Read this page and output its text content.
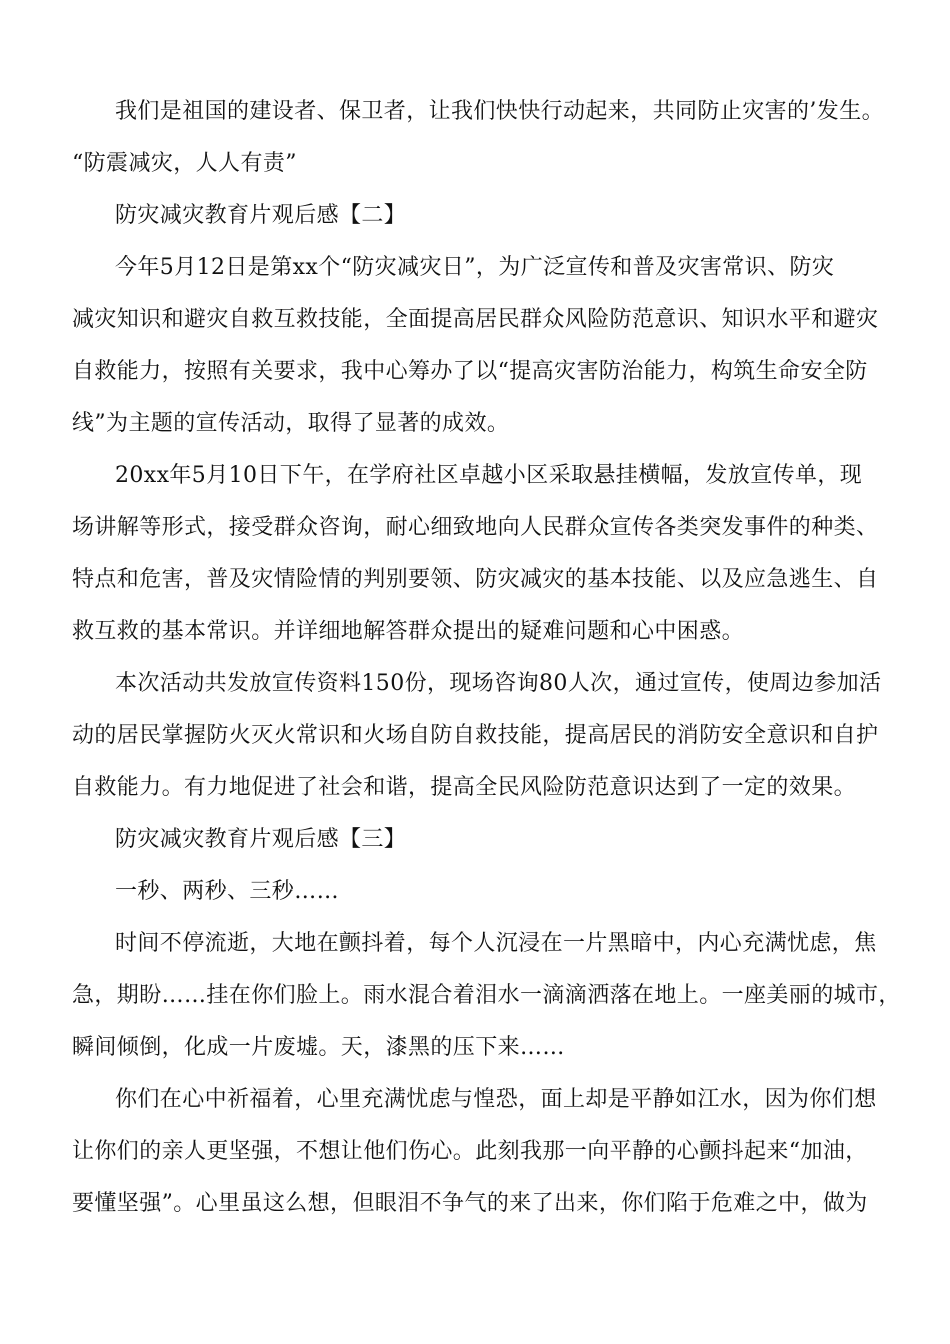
我们是祖国的建设者、保卫者，让我们快快行动起来，共同防止灾害的’发生。
“防震减灾，人人有责”
防灾减灾教育片观后感【二】
今年5月12日是第xx个“防灾减灾日”，为广泛宣传和普及灾害常识、防灾
减灾知识和避灾自救互救技能，全面提高居民群众风险防范意识、知识水平和避灾
自救能力，按照有关要求，我中心筹办了以“提高灾害防治能力，构筑生命安全防
线”为主题的宣传活动，取得了显著的成效。
20xx年5月10日下午，在学府社区卓越小区采取悬挂横幅，发放宣传单，现
场讲解等形式，接受群众咨询，耐心细致地向人民群众宣传各类突发事件的种类、
特点和危害，普及灾情险情的判别要领、防灾减灾的基本技能、以及应急逃生、自
救互救的基本常识。并详细地解答群众提出的疑难问题和心中困惑。
本次活动共发放宣传资料150份，现场咨询80人次，通过宣传，使周边参加活
动的居民掌握防火灭火常识和火场自防自救技能，提高居民的消防安全意识和自护
自救能力。有力地促进了社会和谐，提高全民风险防范意识达到了一定的效果。
防灾减灾教育片观后感【三】
一秒、两秒、三秒……
时间不停流逝，大地在颤抖着，每个人沉浸在一片黑暗中，内心充满忧虑，焦
急，期盼……挂在你们脸上。雨水混合着泪水一滴滴洒落在地上。一座美丽的城市，
瞬间倾倒，化成一片废墟。天，漆黑的压下来……
你们在心中祈福着，心里充满忧虑与惶恐，面上却是平静如江水，因为你们想
让你们的亲人更坚强，不想让他们伤心。此刻我那一向平静的心颤抖起来“加油，
要懂坚强”。心里虽这么想，但眼泪不争气的来了出来，你们陷于危难之中，做为
